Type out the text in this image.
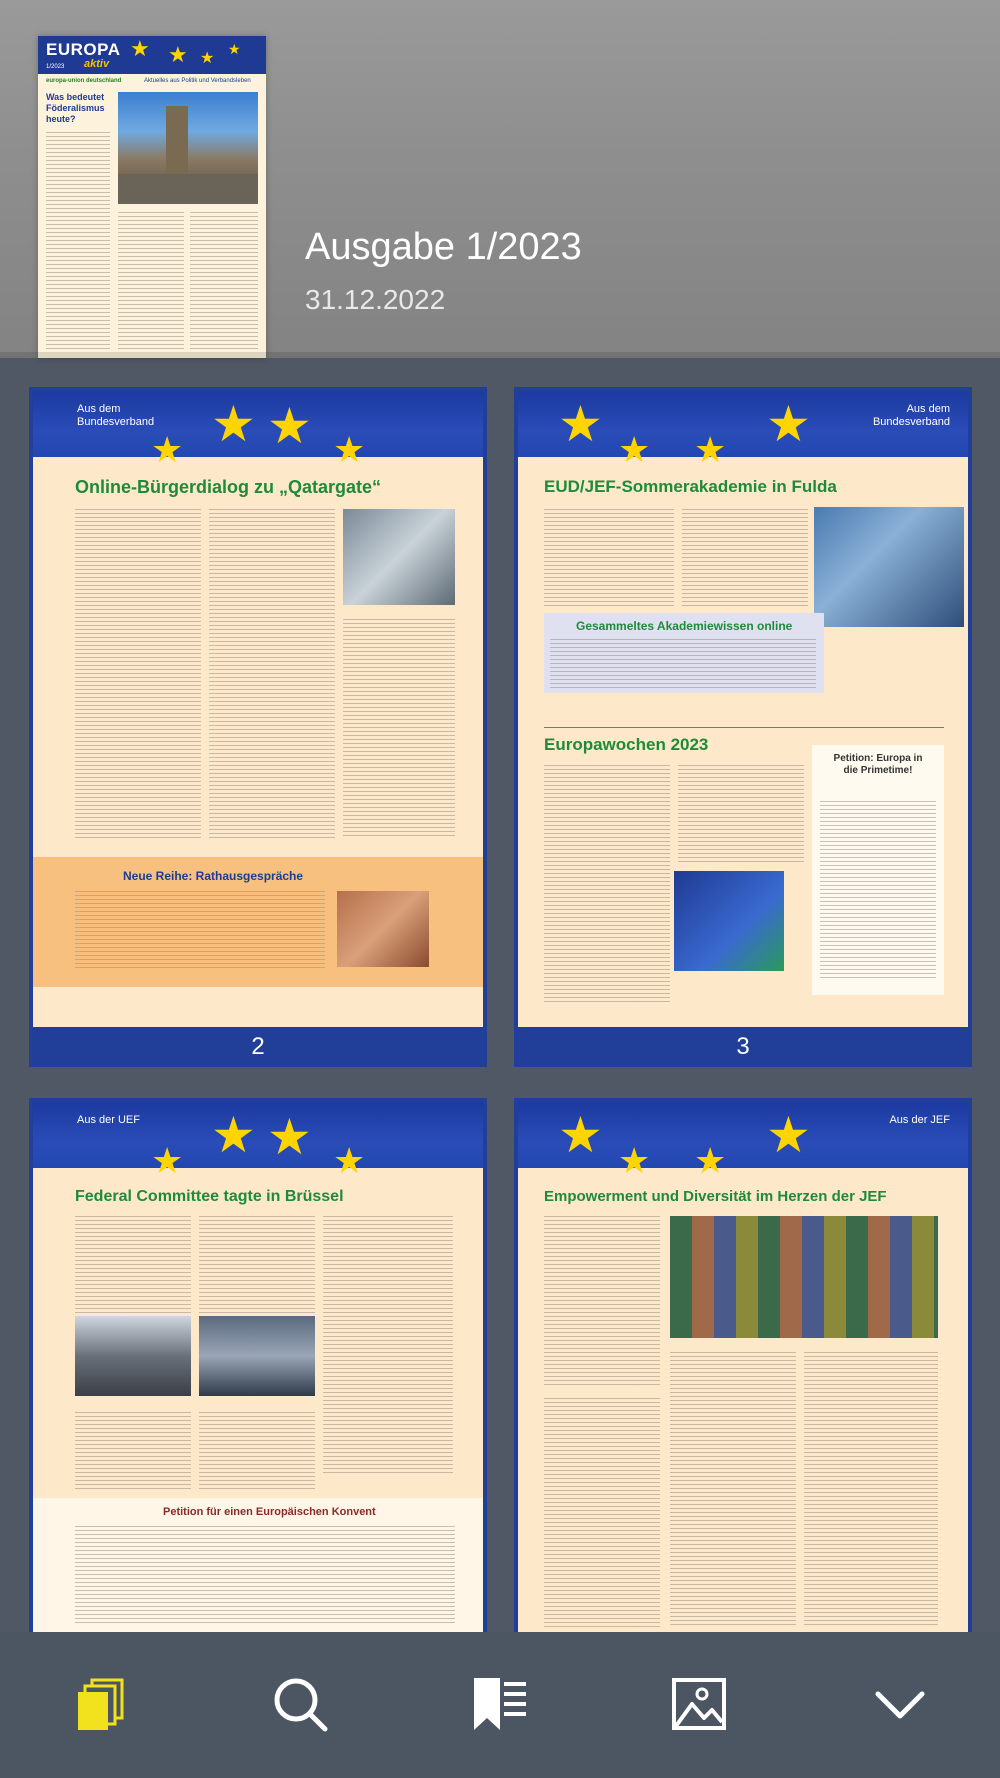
EUROPA
aktiv
1/2023
★ ★ ★
★
europa-union deutschland	Aktuelles aus Politik und Verbandsleben
Was bedeutet Föderalismus heute?
Ausgabe 1/2023
31.12.2022
★ ★
★	★
Aus dem Bundesverband
Online-Bürgerdialog zu „Qatargate“
Neue Reihe: Rathausgespräche
2
★	★
★ ★
Aus dem Bundesverband
EUD/JEF-Sommerakademie in Fulda
Gesammeltes Akademiewissen online
Europawochen 2023
Petition: Europa in die Primetime!
3
★ ★
★	★
Aus der UEF
Federal Committee tagte in Brüssel
Petition für einen Europäischen Konvent
★	★
★ ★
Aus der JEF
Empowerment und Diversität im Herzen der JEF
